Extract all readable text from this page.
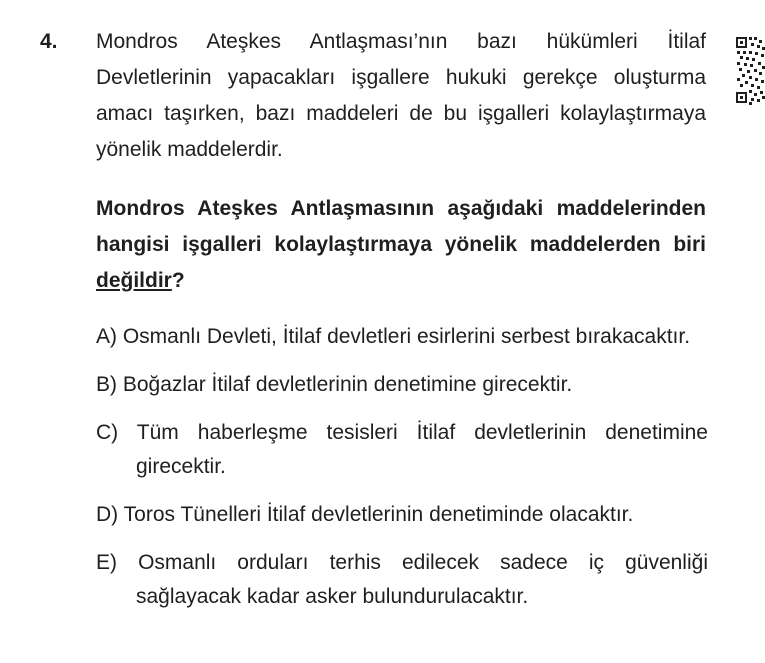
4. Mondros Ateşkes Antlaşması’nın bazı hükümleri İtilaf Devletlerinin yapacakları işgallere hukuki gerekçe oluşturma amacı taşırken, bazı maddeleri de bu işgalleri kolaylaştırmaya yönelik maddelerdir.
Mondros Ateşkes Antlaşmasının aşağıdaki maddelerinden hangisi işgalleri kolaylaştırmaya yönelik maddelerden biri değildir?
A) Osmanlı Devleti, İtilaf devletleri esirlerini serbest bırakacaktır.
B) Boğazlar İtilaf devletlerinin denetimine girecektir.
C) Tüm haberleşme tesisleri İtilaf devletlerinin denetimine girecektir.
D) Toros Tünelleri İtilaf devletlerinin denetiminde olacaktır.
E) Osmanlı orduları terhis edilecek sadece iç güvenliği sağlayacak kadar asker bulundurulacaktır.
